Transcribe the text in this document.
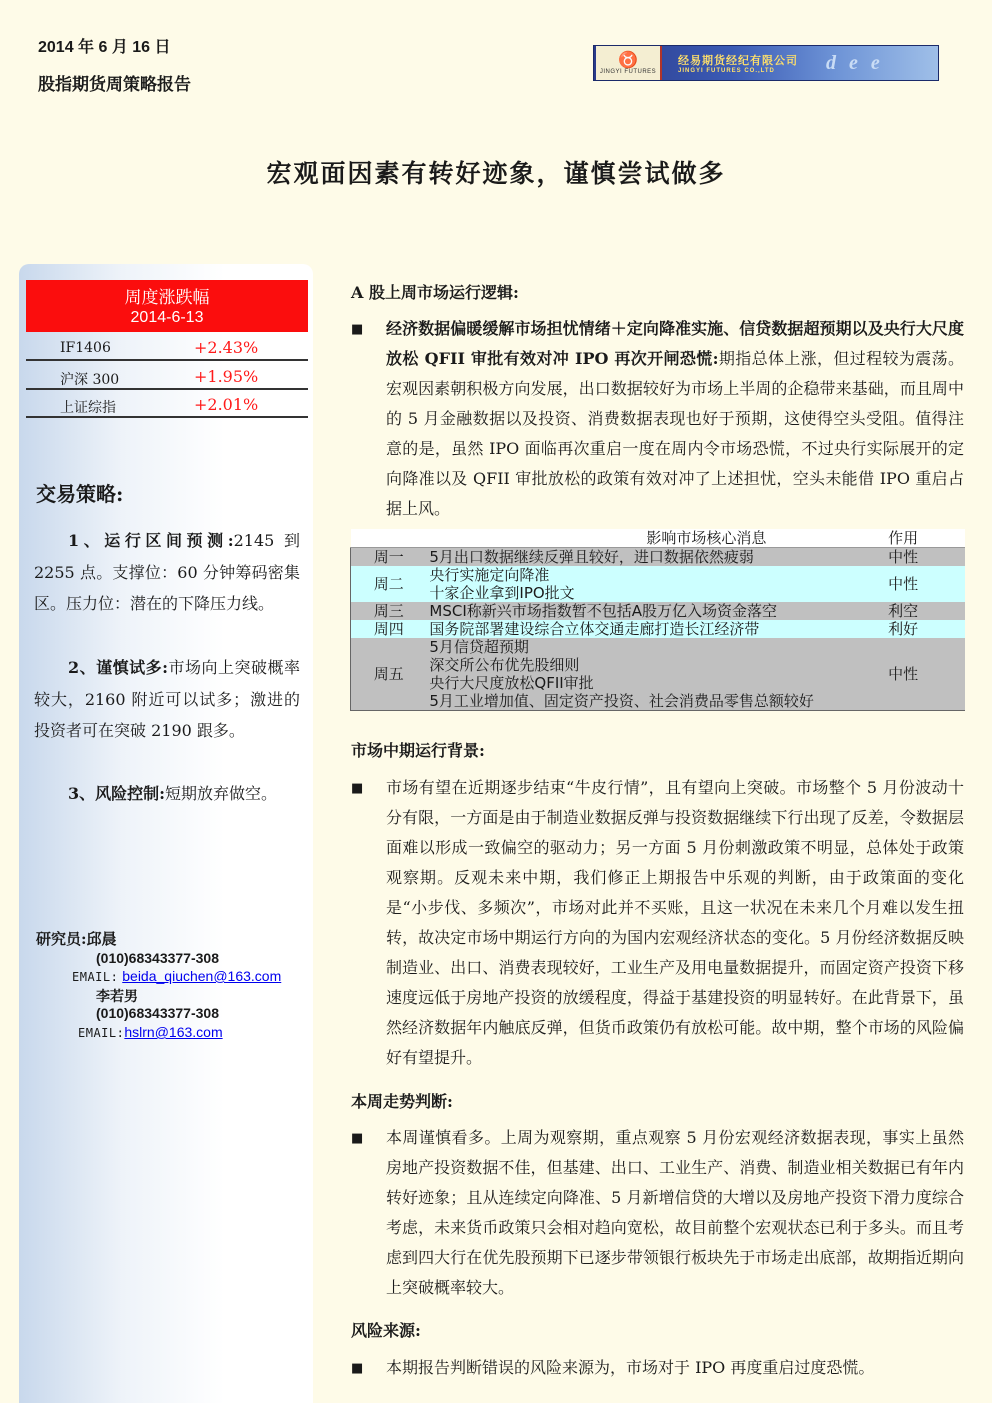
2014 年 6 月 16 日
股指期货周策略报告
♉
JINGYI FUTURES
经易期货经纪有限公司
JINGYI FUTURES CO.,LTD	d e e
宏观面因素有转好迹象，谨慎尝试做多
周度涨跌幅
2014-6-13
IF1406	+2.43%
沪深 300	+1.95%
上证综指	+2.01%
交易策略:
1、运行区间预测:2145 到 2255 点。支撑位：60 分钟筹码密集区。压力位：潜在的下降压力线。
2、谨慎试多:市场向上突破概率较大，2160 附近可以试多；激进的投资者可在突破 2190 跟多。
3、风险控制:短期放弃做空。
研究员:邱晨
(010)68343377-308
EMAIL: beida_qiuchen@163.com
李若男
(010)68343377-308
EMAIL:hslrn@163.com
A 股上周市场运行逻辑:
■ 经济数据偏暖缓解市场担忧情绪＋定向降准实施、信贷数据超预期以及央行大尺度放松 QFII 审批有效对冲 IPO 再次开闸恐慌:期指总体上涨，但过程较为震荡。宏观因素朝积极方向发展，出口数据较好为市场上半周的企稳带来基础，而且周中的 5 月金融数据以及投资、消费数据表现也好于预期，这使得空头受阻。值得注意的是，虽然 IPO 面临再次重启一度在周内令市场恐慌，不过央行实际展开的定向降准以及 QFII 审批放松的政策有效对冲了上述担忧，空头未能借 IPO 重启占据上风。
	影响市场核心消息	作用
周一	5月出口数据继续反弹且较好，进口数据依然疲弱	中性
周二	央行实施定向降准
十家企业拿到IPO批文	中性
周三	MSCI称新兴市场指数暂不包括A股万亿入场资金落空	利空
周四	国务院部署建设综合立体交通走廊打造长江经济带	利好
周五	5月信贷超预期
深交所公布优先股细则
央行大尺度放松QFII审批
5月工业增加值、固定资产投资、社会消费品零售总额较好	中性
市场中期运行背景:
■ 市场有望在近期逐步结束“牛皮行情”，且有望向上突破。市场整个 5 月份波动十分有限，一方面是由于制造业数据反弹与投资数据继续下行出现了反差，令数据层面难以形成一致偏空的驱动力；另一方面 5 月份刺激政策不明显，总体处于政策观察期。反观未来中期，我们修正上期报告中乐观的判断，由于政策面的变化是“小步伐、多频次”，市场对此并不买账，且这一状况在未来几个月难以发生扭转，故决定市场中期运行方向的为国内宏观经济状态的变化。5 月份经济数据反映制造业、出口、消费表现较好，工业生产及用电量数据提升，而固定资产投资下移速度远低于房地产投资的放缓程度，得益于基建投资的明显转好。在此背景下，虽然经济数据年内触底反弹，但货币政策仍有放松可能。故中期，整个市场的风险偏好有望提升。
本周走势判断:
■ 本周谨慎看多。上周为观察期，重点观察 5 月份宏观经济数据表现，事实上虽然房地产投资数据不佳，但基建、出口、工业生产、消费、制造业相关数据已有年内转好迹象；且从连续定向降准、5 月新增信贷的大增以及房地产投资下滑力度综合考虑，未来货币政策只会相对趋向宽松，故目前整个宏观状态已利于多头。而且考虑到四大行在优先股预期下已逐步带领银行板块先于市场走出底部，故期指近期向上突破概率较大。
风险来源:
■ 本期报告判断错误的风险来源为，市场对于 IPO 再度重启过度恐慌。
